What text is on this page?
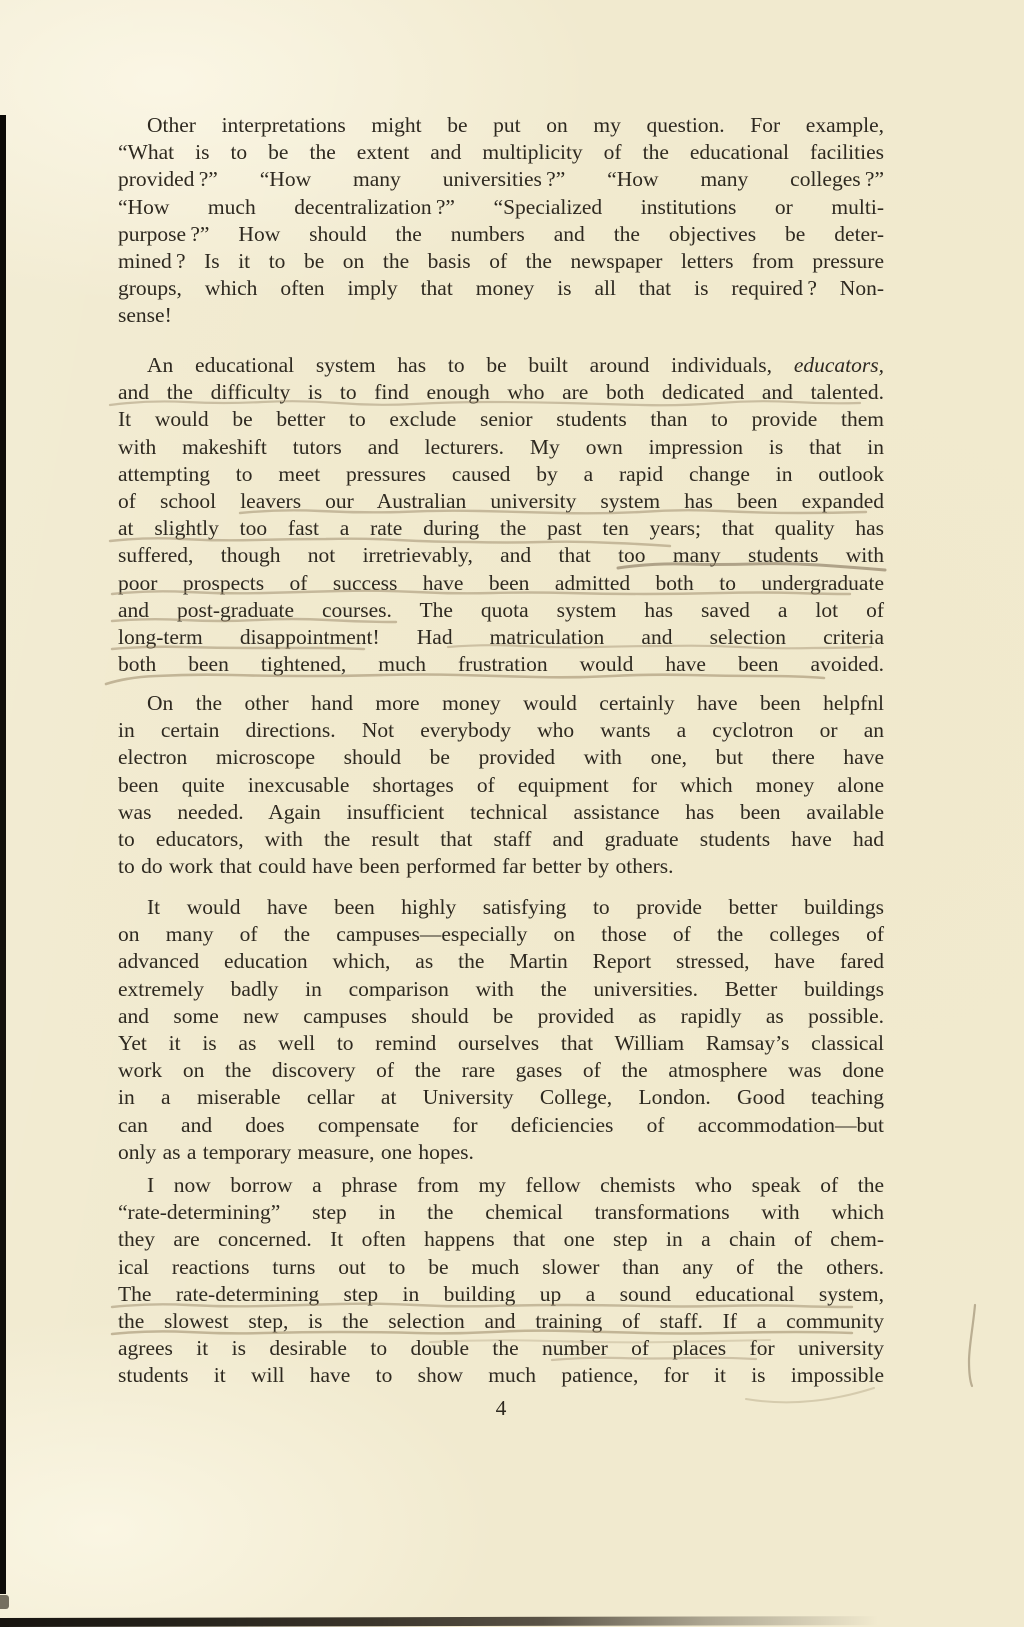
Other interpretations might be put on my question. For example,
“What is to be the extent and multiplicity of the educational facilities
provided ?” “How many universities ?” “How many colleges ?”
“How much decentralization ?” “Specialized institutions or multi-
purpose ?” How should the numbers and the objectives be deter-
mined ? Is it to be on the basis of the newspaper letters from pressure
groups, which often imply that money is all that is required ? Non-
sense!
An educational system has to be built around individuals, educators,
and the difficulty is to find enough who are both dedicated and talented.
It would be better to exclude senior students than to provide them
with makeshift tutors and lecturers. My own impression is that in
attempting to meet pressures caused by a rapid change in outlook
of school leavers our Australian university system has been expanded
at slightly too fast a rate during the past ten years; that quality has
suffered, though not irretrievably, and that too many students with
poor prospects of success have been admitted both to undergraduate
and post-graduate courses. The quota system has saved a lot of
long-term disappointment! Had matriculation and selection criteria
both been tightened, much frustration would have been avoided.
On the other hand more money would certainly have been helpfnl
in certain directions. Not everybody who wants a cyclotron or an
electron microscope should be provided with one, but there have
been quite inexcusable shortages of equipment for which money alone
was needed. Again insufficient technical assistance has been available
to educators, with the result that staff and graduate students have had
to do work that could have been performed far better by others.
It would have been highly satisfying to provide better buildings
on many of the campuses—especially on those of the colleges of
advanced education which, as the Martin Report stressed, have fared
extremely badly in comparison with the universities. Better buildings
and some new campuses should be provided as rapidly as possible.
Yet it is as well to remind ourselves that William Ramsay’s classical
work on the discovery of the rare gases of the atmosphere was done
in a miserable cellar at University College, London. Good teaching
can and does compensate for deficiencies of accommodation—but
only as a temporary measure, one hopes.
I now borrow a phrase from my fellow chemists who speak of the
“rate-determining” step in the chemical transformations with which
they are concerned. It often happens that one step in a chain of chem-
ical reactions turns out to be much slower than any of the others.
The rate-determining step in building up a sound educational system,
the slowest step, is the selection and training of staff. If a community
agrees it is desirable to double the number of places for university
students it will have to show much patience, for it is impossible
4
